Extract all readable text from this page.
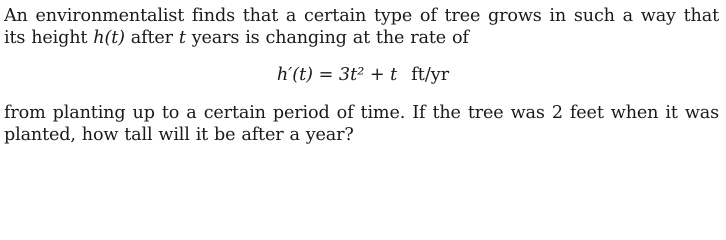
An environmentalist finds that a certain type of tree grows in such a way that its height h(t) after t years is changing at the rate of
h′(t) = 3t² + t ft/yr
from planting up to a certain period of time. If the tree was 2 feet when it was planted, how tall will it be after a year?
